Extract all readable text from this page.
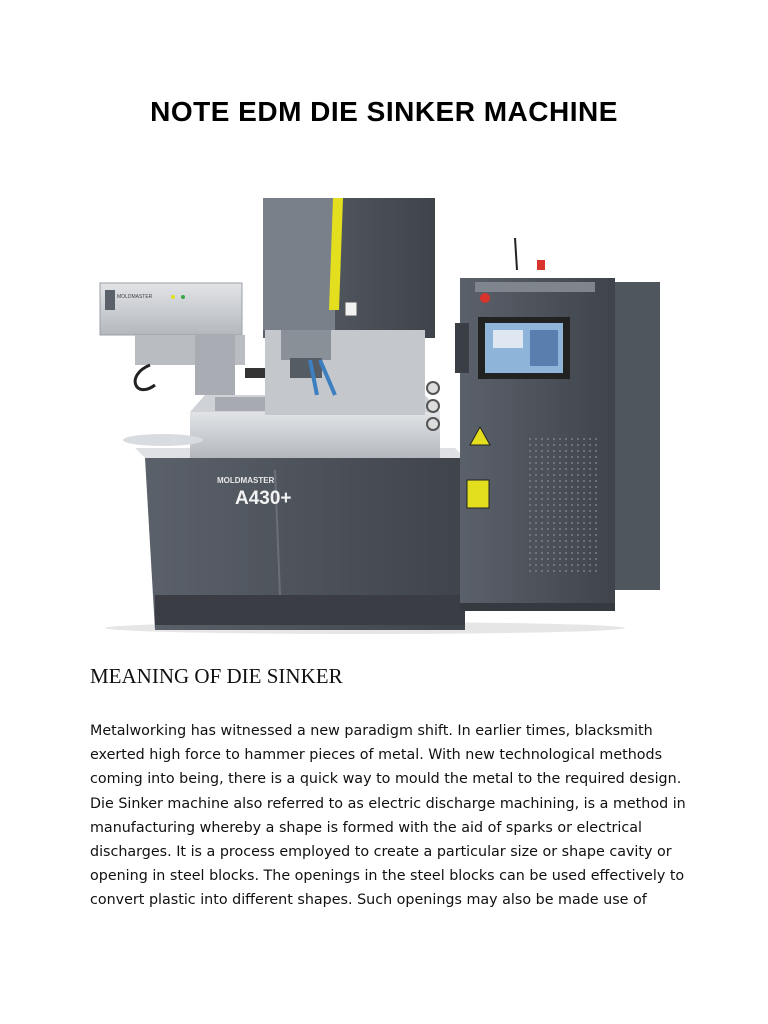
NOTE EDM DIE SINKER MACHINE
MOLDMASTER
A430+
MOLDMASTER
MEANING OF DIE SINKER

Metalworking has witnessed a new paradigm shift. In earlier times, blacksmith

exerted high force to hammer pieces of metal. With new technological methods

coming into being, there is a quick way to mould the metal to the required design.

Die Sinker machine also referred to as electric discharge machining, is a method in

manufacturing whereby a shape is formed with the aid of sparks or electrical

discharges. It is a process employed to create a particular size or shape cavity or

opening in steel blocks. The openings in the steel blocks can be used effectively to

convert plastic into different shapes. Such openings may also be made use of
